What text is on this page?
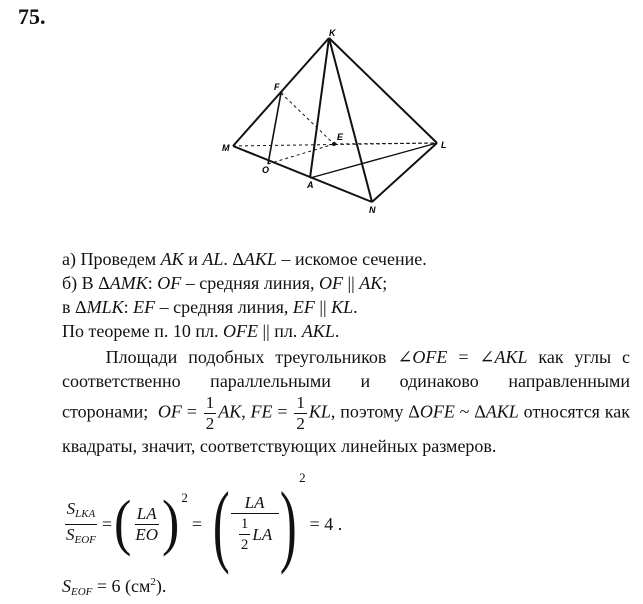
75.
K
F
E
M
O
A
L
N
а) Проведем AK и AL. ΔAKL – искомое сечение.
б) В ΔAMK: OF – средняя линия, OF || AK;
в ΔMLK: EF – средняя линия, EF || KL.
По теореме п. 10 пл. OFE || пл. AKL.
Площади подобных треугольников ∠OFE = ∠AKL как углы с соответственно параллельными и одинаково направленными сторонами; OF = $\frac{1}{2}$ AK, FE = $\frac{1}{2}$ KL, поэтому ΔOFE ~ ΔAKL относятся как квадраты, значит, соответствующих линейных размеров.
$\frac{S_{LKA}}{S_{EOF}}$ = ( $\frac{LA}{EO} )^2$
= ( $\frac{LA}{\frac{1}{2} LA} )^2$
= 4 .
$S_{EOF} = 6$ $(см^2)$.
